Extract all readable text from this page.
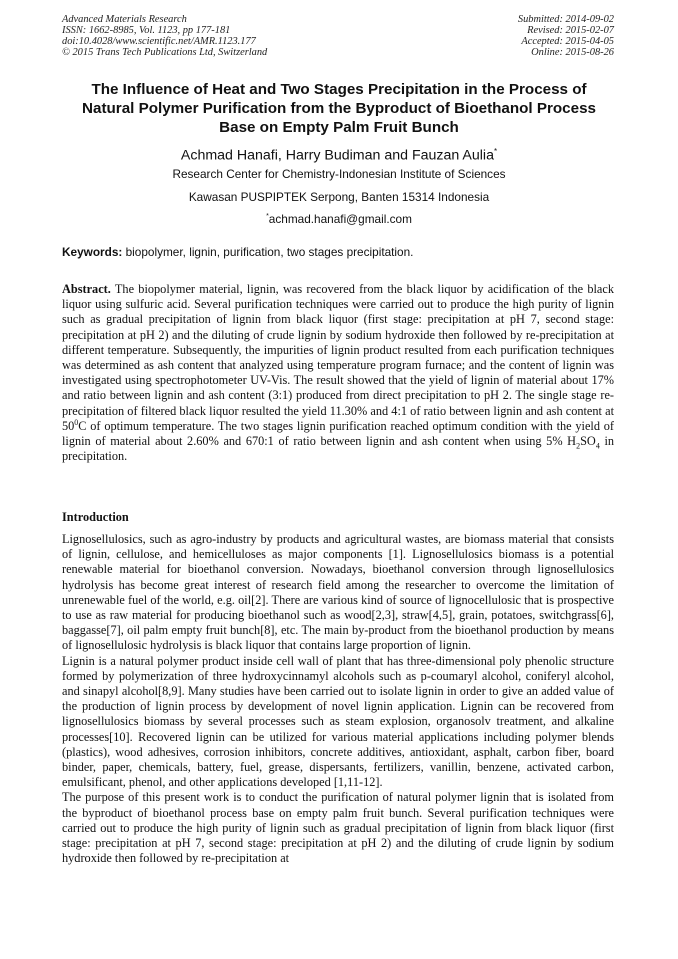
Advanced Materials Research
ISSN: 1662-8985, Vol. 1123, pp 177-181
doi:10.4028/www.scientific.net/AMR.1123.177
© 2015 Trans Tech Publications Ltd, Switzerland
Submitted: 2014-09-02
Revised: 2015-02-07
Accepted: 2015-04-05
Online: 2015-08-26
The Influence of Heat and Two Stages Precipitation in the Process of
Natural Polymer Purification from the Byproduct of Bioethanol Process
Base on Empty Palm Fruit Bunch
Achmad Hanafi, Harry Budiman and Fauzan Aulia*
Research Center for Chemistry-Indonesian Institute of Sciences
Kawasan PUSPIPTEK Serpong, Banten 15314 Indonesia
*achmad.hanafi@gmail.com
Keywords: biopolymer, lignin, purification, two stages precipitation.

Abstract. The biopolymer material, lignin, was recovered from the black liquor by acidification of the black liquor using sulfuric acid. Several purification techniques were carried out to produce the high purity of lignin such as gradual precipitation of lignin from black liquor (first stage: precipitation at pH 7, second stage: precipitation at pH 2) and the diluting of crude lignin by sodium hydroxide then followed by re-precipitation at different temperature. Subsequently, the impurities of lignin product resulted from each purification techniques was determined as ash content that analyzed using temperature program furnace; and the content of lignin was investigated using spectrophotometer UV-Vis. The result showed that the yield of lignin of material about 17% and ratio between lignin and ash content (3:1) produced from direct precipitation to pH 2. The single stage re-precipitation of filtered black liquor resulted the yield 11.30% and 4:1 of ratio between lignin and ash content at $50^0C$ of optimum temperature. The two stages lignin purification reached optimum condition with the yield of lignin of material about 2.60% and 670:1 of ratio between lignin and ash content when using 5% $H_2SO_4$ in precipitation.

Introduction

Lignosellulosics, such as agro-industry by products and agricultural wastes, are biomass material that consists of lignin, cellulose, and hemicelluloses as major components [1]. Lignosellulosics biomass is a potential renewable material for bioethanol conversion. Nowadays, bioethanol conversion through lignosellulosics hydrolysis has become great interest of research field among the researcher to overcome the limitation of unrenewable fuel of the world, e.g. oil[2]. There are various kind of source of lignocellulosic that is prospective to use as raw material for producing bioethanol such as wood[2,3], straw[4,5], grain, potatoes, switchgrass[6], baggasse[7], oil palm empty fruit bunch[8], etc. The main by-product from the bioethanol production by means of lignosellulosic hydrolysis is black liquor that contains large proportion of lignin.

Lignin is a natural polymer product inside cell wall of plant that has three-dimensional poly phenolic structure formed by polymerization of three hydroxycinnamyl alcohols such as p-coumaryl alcohol, coniferyl alcohol, and sinapyl alcohol[8,9]. Many studies have been carried out to isolate lignin in order to give an added value of the production of lignin process by development of novel lignin application. Lignin can be recovered from lignosellulosics biomass by several processes such as steam explosion, organosolv treatment, and alkaline processes[10]. Recovered lignin can be utilized for various material applications including polymer blends (plastics), wood adhesives, corrosion inhibitors, concrete additives, antioxidant, asphalt, carbon fiber, board binder, paper, chemicals, battery, fuel, grease, dispersants, fertilizers, vanillin, benzene, activated carbon, emulsificant, phenol, and other applications developed [1,11-12].

The purpose of this present work is to conduct the purification of natural polymer lignin that is isolated from the byproduct of bioethanol process base on empty palm fruit bunch. Several purification techniques were carried out to produce the high purity of lignin such as gradual precipitation of lignin from black liquor (first stage: precipitation at pH 7, second stage: precipitation at pH 2) and the diluting of crude lignin by sodium hydroxide then followed by re-precipitation at
